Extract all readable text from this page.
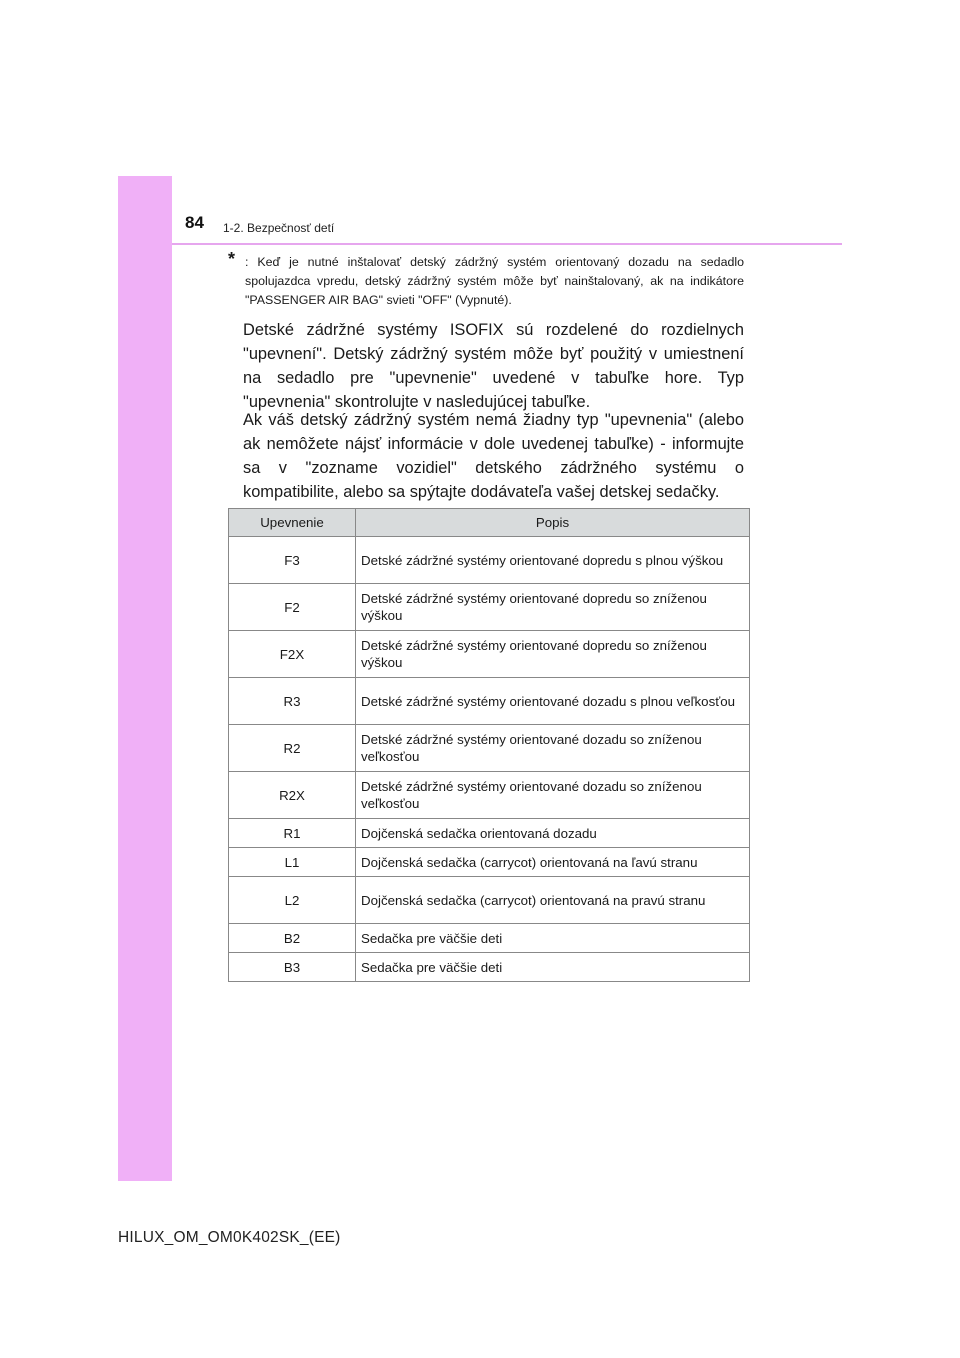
84 1-2. Bezpečnosť detí
* : Keď je nutné inštalovať detský zádržný systém orientovaný dozadu na sedadlo spolujazdca vpredu, detský zádržný systém môže byť nainštalovaný, ak na indikátore "PASSENGER AIR BAG" svieti "OFF" (Vypnuté).

Detské zádržné systémy ISOFIX sú rozdelené do rozdielnych "upevnení". Detský zádržný systém môže byť použitý v umiestnení na sedadlo pre "upevnenie" uvedené v tabuľke hore. Typ "upevnenia" skontrolujte v nasledujúcej tabuľke.

Ak váš detský zádržný systém nemá žiadny typ "upevnenia" (alebo ak nemôžete nájsť informácie v dole uvedenej tabuľke) - informujte sa v "zozname vozidiel" detského zádržného systému o kompatibilite, alebo sa spýtajte dodávateľa vašej detskej sedačky.

Upevnenie	Popis
F3	Detské zádržné systémy orientované dopredu s plnou výškou
F2	Detské zádržné systémy orientované dopredu so zníženou výškou
F2X	Detské zádržné systémy orientované dopredu so zníženou výškou
R3	Detské zádržné systémy orientované dozadu s plnou veľkosťou
R2	Detské zádržné systémy orientované dozadu so zníženou veľkosťou
R2X	Detské zádržné systémy orientované dozadu so zníženou veľkosťou
R1	Dojčenská sedačka orientovaná dozadu
L1	Dojčenská sedačka (carrycot) orientovaná na ľavú stranu
L2	Dojčenská sedačka (carrycot) orientovaná na pravú stranu
B2	Sedačka pre väčšie deti
B3	Sedačka pre väčšie deti
HILUX_OM_OM0K402SK_(EE)
